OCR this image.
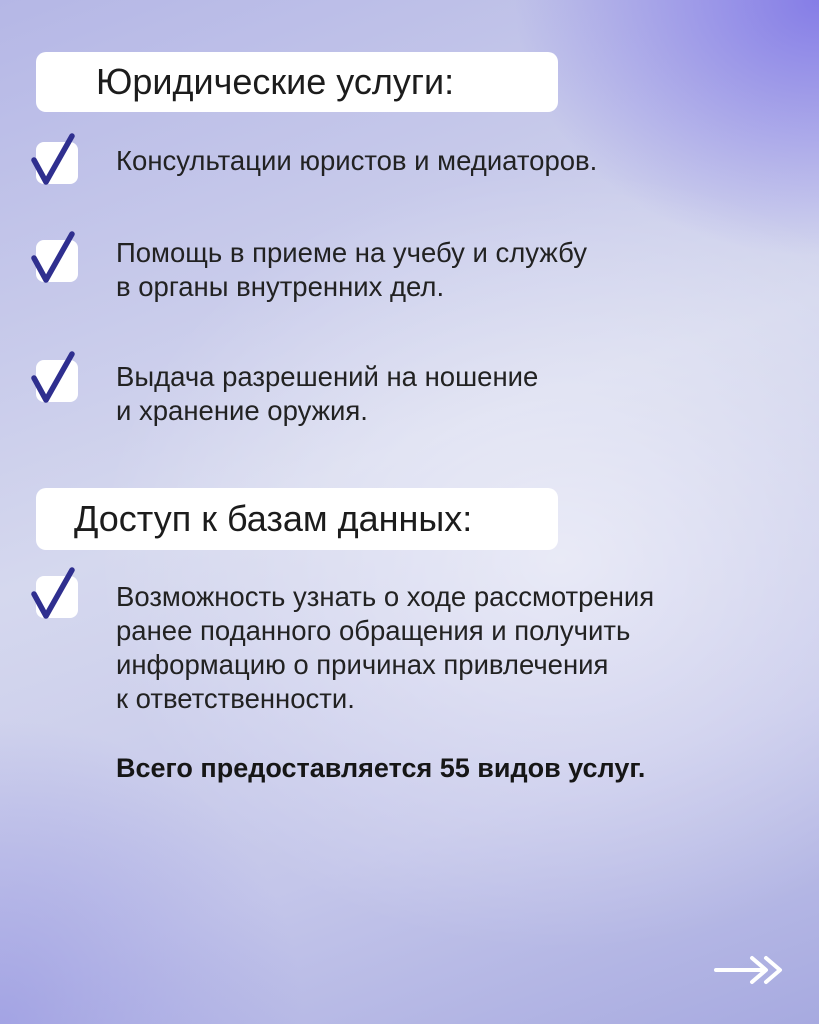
Юридические услуги:
Консультации юристов и медиаторов.
Помощь в приеме на учебу и службу
в органы внутренних дел.
Выдача разрешений на ношение
и хранение оружия.
Доступ к базам данных:
Возможность узнать о ходе рассмотрения
ранее поданного обращения и получить
информацию о причинах привлечения
к ответственности.
Всего предоставляется 55 видов услуг.
